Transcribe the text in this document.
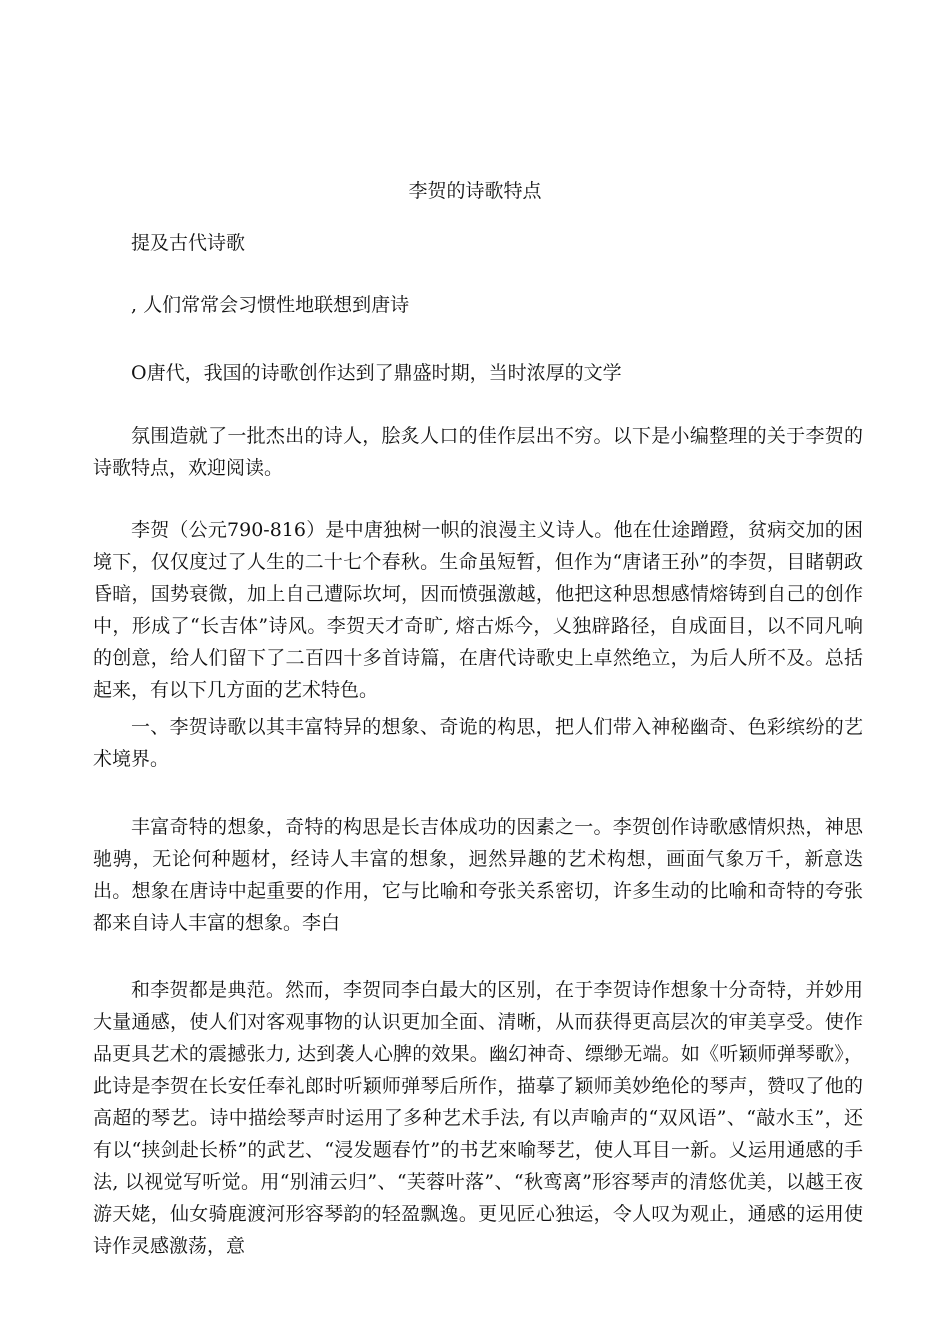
李贺的诗歌特点

提及古代诗歌

, 人们常常会习惯性地联想到唐诗

O唐代，我国的诗歌创作达到了鼎盛时期，当时浓厚的文学

氛围造就了一批杰出的诗人，脍炙人口的佳作层出不穷。以下是小编整理的关于李贺的诗歌特点，欢迎阅读。

李贺（公元790-816）是中唐独树一帜的浪漫主义诗人。他在仕途蹭蹬，贫病交加的困境下，仅仅度过了人生的二十七个春秋。生命虽短暂，但作为“唐诸王孙”的李贺，目睹朝政昏暗，国势衰微，加上自己遭际坎坷，因而愤强激越，他把这种思想感情熔铸到自己的创作中，形成了“长吉体”诗风。李贺天才奇旷, 熔古烁今，乂独辟路径，自成面目，以不同凡响的创意，给人们留下了二百四十多首诗篇，在唐代诗歌史上卓然绝立，为后人所不及。总括起来，有以下几方面的艺术特色。

一、李贺诗歌以其丰富特异的想象、奇诡的构思，把人们带入神秘幽奇、色彩缤纷的艺术境界。

丰富奇特的想象，奇特的构思是长吉体成功的因素之一。李贺创作诗歌感情炽热，神思驰骋，无论何种题材，经诗人丰富的想象，迥然异趣的艺术构想，画面气象万千，新意迭出。想象在唐诗中起重要的作用，它与比喻和夸张关系密切，许多生动的比喻和奇特的夸张都来自诗人丰富的想象。李白

和李贺都是典范。然而，李贺同李白最大的区别，在于李贺诗作想象十分奇特，并妙用大量通感，使人们对客观事物的认识更加全面、清晰，从而获得更高层次的审美享受。使作品更具艺术的震撼张力, 达到袭人心脾的效果。幽幻神奇、缥缈无端。如《听颖师弹琴歌》，此诗是李贺在长安任奉礼郎时听颖师弹琴后所作，描摹了颖师美妙绝伦的琴声，赞叹了他的高超的琴艺。诗中描绘琴声时运用了多种艺术手法, 有以声喻声的“双风语”、“敲水玉”，还有以“挟剑赴长桥”的武艺、“浸发题春竹”的书艺來喻琴艺，使人耳目一新。乂运用通感的手法, 以视觉写听觉。用“别浦云归”、“芙蓉叶落”、“秋鸾离”形容琴声的清悠优美，以越王夜游天姥，仙女骑鹿渡河形容琴韵的轻盈飘逸。更见匠心独运，令人叹为观止，通感的运用使诗作灵感激荡，意
